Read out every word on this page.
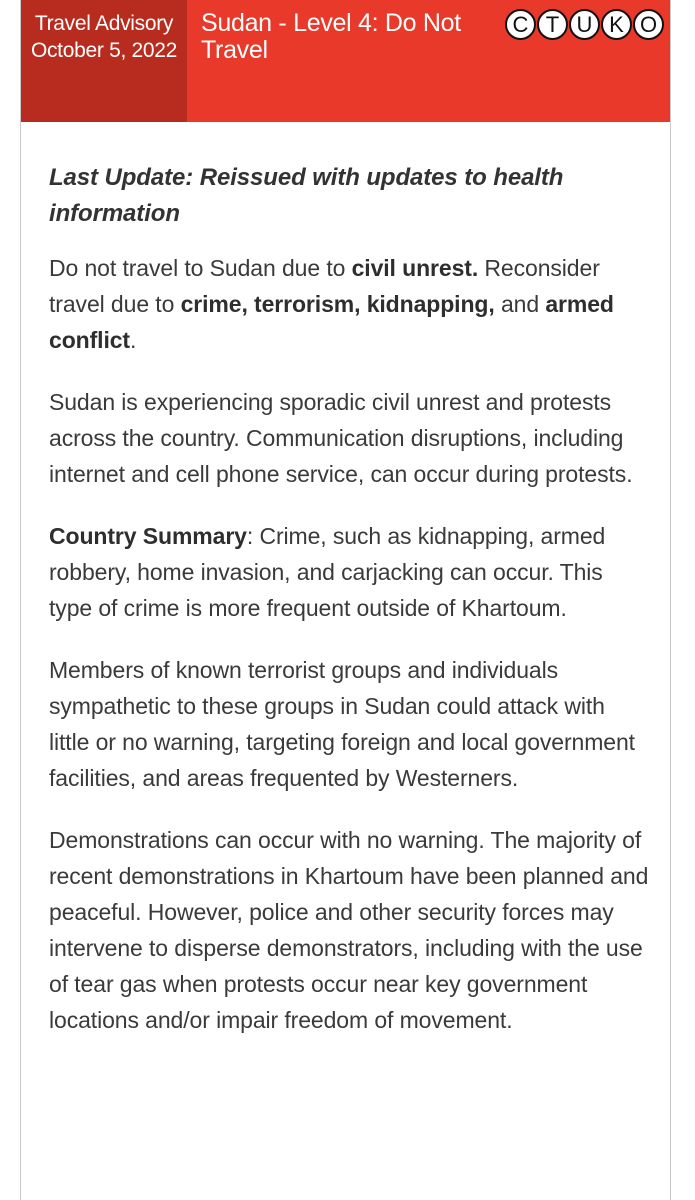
Travel Advisory
October 5, 2022
Sudan - Level 4: Do Not Travel
C T U K O
Last Update: Reissued with updates to health information

Do not travel to Sudan due to civil unrest. Reconsider travel due to crime, terrorism, kidnapping, and armed conflict.

Sudan is experiencing sporadic civil unrest and protests across the country. Communication disruptions, including internet and cell phone service, can occur during protests.

Country Summary: Crime, such as kidnapping, armed robbery, home invasion, and carjacking can occur. This type of crime is more frequent outside of Khartoum.

Members of known terrorist groups and individuals sympathetic to these groups in Sudan could attack with little or no warning, targeting foreign and local government facilities, and areas frequented by Westerners.

Demonstrations can occur with no warning. The majority of recent demonstrations in Khartoum have been planned and peaceful. However, police and other security forces may intervene to disperse demonstrators, including with the use of tear gas when protests occur near key government locations and/or impair freedom of movement.
